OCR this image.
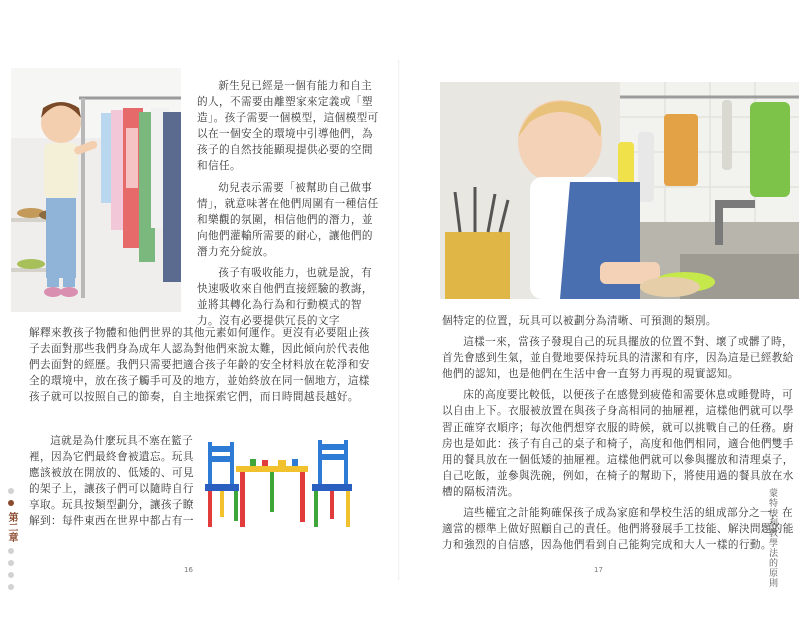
新生兒已經是一個有能力和自主的人，不需要由離塑家來定義或「塑造」。孩子需要一個模型，這個模型可以在一個安全的環境中引導他們，為孩子的自然技能顯現提供必要的空間和信任。

幼兒表示需要「被幫助自己做事情」，就意味著在他們周圍有一種信任和樂觀的氛圍，相信他們的潛力，並向他們灌輸所需要的耐心，讓他們的潛力充分綻放。

孩子有吸收能力，也就是說，有快速吸收來自他們直接經驗的教誨，並將其轉化為行為和行動模式的智力。沒有必要提供冗長的文字

解釋來教孩子物體和他們世界的其他元素如何運作。更沒有必要阻止孩子去面對那些我們身為成年人認為對他們來說太難，因此傾向於代表他們去面對的經歷。我們只需要把適合孩子年齡的安全材料放在乾淨和安全的環境中，放在孩子觸手可及的地方，並始終放在同一個地方，這樣孩子就可以按照自己的節奏，自主地探索它們，而日時間越長越好。

這就是為什麼玩具不塞在籃子裡，因為它們最終會被遺忘。玩具應該被放在開放的、低矮的、可見的架子上，讓孩子們可以隨時自行享取。玩具按類型劃分，讓孩子瞭解到：每件東西在世界中都占有一

第二章
16

個特定的位置，玩具可以被劃分為清晰、可預測的類別。

這樣一來，當孩子發現自己的玩具擺放的位置不對、壞了或髒了時，首先會感到生氣，並自覺地要保持玩具的清潔和有序，因為這是已經教給他們的認知，也是他們在生活中會一直努力再現的現實認知。

床的高度要比較低，以便孩子在感覺到疲倦和需要休息或睡覺時，可以自由上下。衣服被放置在與孩子身高相同的抽屜裡，這樣他們就可以學習正確穿衣順序；每次他們想穿衣服的時候，就可以挑戰自己的任務。廚房也是如此：孩子有自己的桌子和椅子，高度和他們相同，適合他們雙手用的餐具放在一個低矮的抽屜裡。這樣他們就可以參與擺放和清理桌子，自己吃飯，並參與洗碗，例如，在椅子的幫助下，將使用過的餐具放在水槽的隔板清洗。

這些權宜之計能夠確保孩子成為家庭和學校生活的組成部分之一，在適當的標準上做好照顧自己的責任。他們將發展手工技能、解決問題的能力和強烈的自信感，因為他們看到自己能夠完成和大人一樣的行動。

17	蒙特梭利教學法的原則
